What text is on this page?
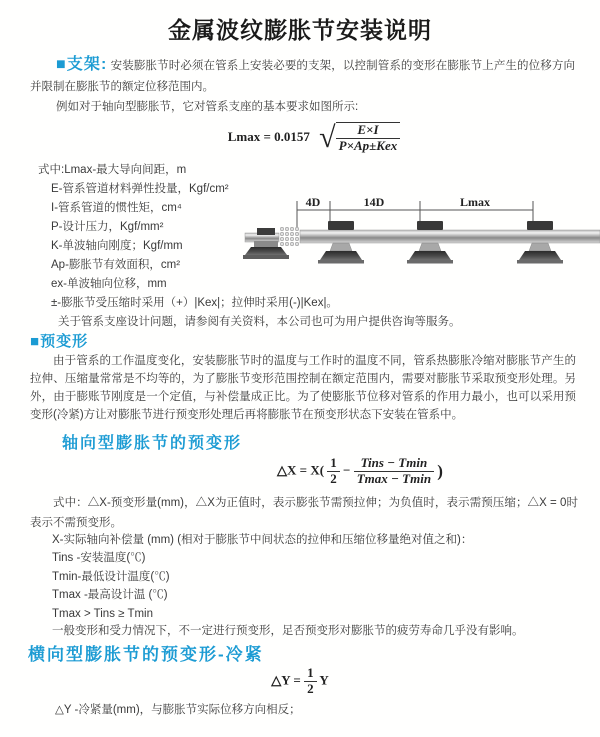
金属波纹膨胀节安装说明
■支架: 安装膨胀节时必须在管系上安装必要的支架，以控制管系的变形在膨胀节上产生的位移方向并限制在膨胀节的额定位移范围内。
例如对于轴向型膨胀节，它对管系支座的基本要求如图所示:
Lmax = 0.0157 √ $\frac{E\times I}{\text{P×Ap±Kex}}$
式中:Lmax-最大导向间距，m
E-管系管道材料弹性投量，Kgf/cm²
I-管系管道的惯性矩，cm⁴
P-设计压力，Kgf/mm²
K-单波轴向刚度；Kgf/mm
Ap-膨胀节有效面积，cm²
ex-单波轴向位移，mm
±-膨胀节受压缩时采用（+）|Kex|；拉伸时采用(-)|Kex|。
关于管系支座设计问题，请参阅有关资料，本公司也可为用户提供咨询等服务。
4D	14D	Lmax
■预变形
由于管系的工作温度变化，安装膨胀节时的温度与工作时的温度不同，管系热膨胀冷缩对膨胀节产生的拉伸、压缩量常常是不均等的，为了膨胀节变形范围控制在额定范围内，需要对膨胀节采取预变形处理。另外，由于膨账节刚度是一个定值，与补偿量成正比。为了使膨胀节位移对管系的作用力最小，也可以采用预变形(冷紧)方让对膨胀节进行预变形处理后再将膨胀节在预变形状态下安装在管系中。
轴向型膨胀节的预变形
△X = $X( \frac{1}{2} - \frac{\text{Tins − Tmin}}{Tmax - Tmin}$ )
式中：△X-预变形量(mm)，△X为正值时，表示膨张节需预拉伸；为负值时，表示需预压缩；△X = 0时表示不需预变形。
X-实际轴向补偿量 (mm) (相对于膨胀节中间状态的拉伸和压缩位移量绝对值之和)：
Tins -安装温度(℃)
Tmin-最低设计温度(℃)
Tmax -最高设计温 (℃)
Tmax > Tins ≥ Tmin
一般变形和受力情况下，不一定进行预变形，足否预变形对膨胀节的疲劳寿命几乎没有影响。
横向型膨胀节的预变形-冷紧
△Y = $\frac{1}{2}$ Y
△Y -冷紧量(mm)，与膨胀节实际位移方向相反；
